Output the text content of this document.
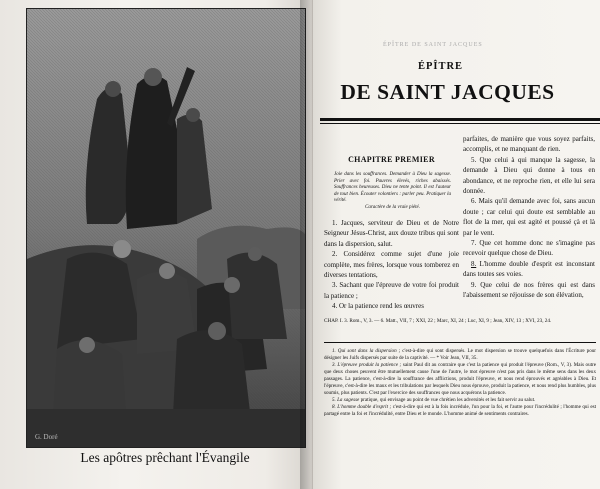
G. Doré
Les apôtres prêchant l'Évangile
ÉPÎTRE DE SAINT JACQUES
ÉPÎTRE
DE SAINT JACQUES
CHAPITRE PREMIER
Joie dans les souffrances. Demander à Dieu la sagesse. Prier avec foi. Pauvres élevés, riches abaissés. Souffrances heureuses. Dieu ne tente point. Il est l'auteur de tout bien. Écouter volontiers : parler peu. Pratiquer la vérité.
Caractère de la vraie piété.

1. Jacques, serviteur de Dieu et de Notre Seigneur Jésus-Christ, aux douze tribus qui sont dans la dispersion, salut.

2. Considérez comme sujet d'une joie complète, mes frères, lorsque vous tomberez en diverses tentations,

3. Sachant que l'épreuve de votre foi produit la patience ;

4. Or la patience rend les œuvres

parfaites, de manière que vous soyez parfaits, accomplis, et ne manquant de rien.

5. Que celui à qui manque la sagesse, la demande à Dieu qui donne à tous en abondance, et ne reproche rien, et elle lui sera donnée.

6. Mais qu'il demande avec foi, sans aucun doute ; car celui qui doute est semblable au flot de la mer, qui est agité et poussé çà et là par le vent.

7. Que cet homme donc ne s'imagine pas recevoir quelque chose de Dieu.

8. L'homme double d'esprit est inconstant dans toutes ses voies.

9. Que celui de nos frères qui est dans l'abaissement se réjouisse de son élévation,

CHAP. I. 3. Rom., V, 3. — 6. Matt., VII, 7 ; XXI, 22 ; Marc, XI, 24 ; Luc, XI, 9 ; Jean, XIV, 13 ; XVI, 23, 24.

1. Qui sont dans la dispersion ; c'est-à-dire qui sont dispersés. Le mot dispersion se trouve quelquefois dans l'Écriture pour désigner les Juifs dispersés par suite de la captivité. — * Voir Jean, VII, 35.

3. L'épreuve produit la patience ; saint Paul dit au contraire que c'est la patience qui produit l'épreuve (Rom., V, 3). Mais outre que deux choses peuvent être mutuellement cause l'une de l'autre, le mot épreuve n'est pas pris dans le même sens dans les deux passages. La patience, c'est-à-dire la souffrance des afflictions, produit l'épreuve, et nous rend éprouvés et agréables à Dieu. Et l'épreuve, c'est-à-dire les maux et les tribulations par lesquels Dieu nous éprouve, produit la patience, et nous rend plus humbles, plus soumis, plus patients. C'est par l'exercice des souffrances que nous acquérons la patience.

5. La sagesse pratique, qui envisage au point de vue chrétien les adversités et les fait servir au salut.

8. L'homme double d'esprit ; c'est-à-dire qui est à la fois incrédule, l'un pour la foi, et l'autre pour l'incrédulité ; l'homme qui est partagé entre la foi et l'incrédulité, entre Dieu et le monde. L'homme animé de sentiments contraires.
